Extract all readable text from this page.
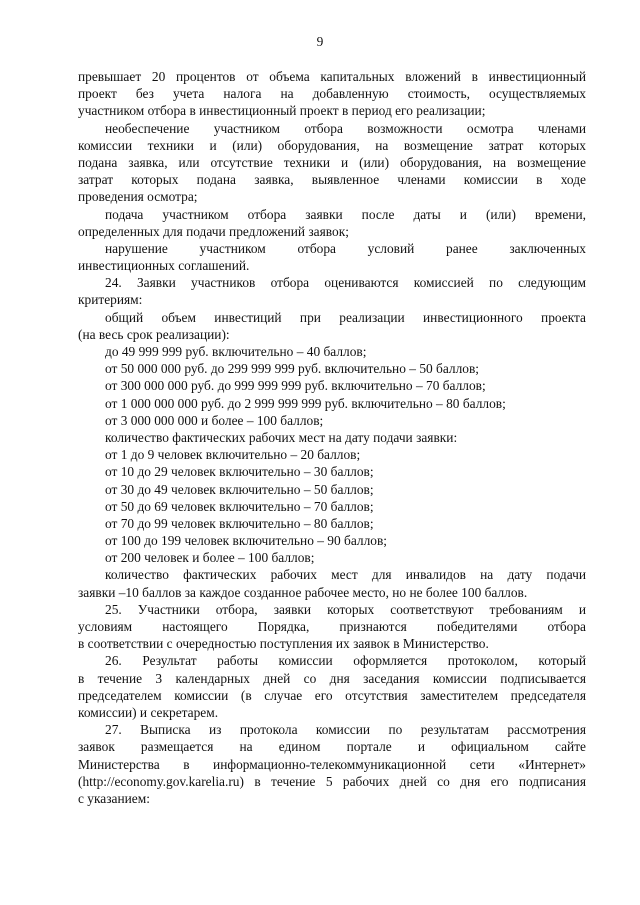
9
превышает 20 процентов от объема капитальных вложений в инвестиционный
проект без учета налога на добавленную стоимость, осуществляемых
участником отбора в инвестиционный проект в период его реализации;
необеспечение участником отбора возможности осмотра членами
комиссии техники и (или) оборудования, на возмещение затрат которых
подана заявка, или отсутствие техники и (или) оборудования, на возмещение
затрат которых подана заявка, выявленное членами комиссии в ходе
проведения осмотра;
подача участником отбора заявки после даты и (или) времени,
определенных для подачи предложений заявок;
нарушение участником отбора условий ранее заключенных
инвестиционных соглашений.
24. Заявки участников отбора оцениваются комиссией по следующим
критериям:
общий объем инвестиций при реализации инвестиционного проекта
(на весь срок реализации):
до 49 999 999 руб. включительно – 40 баллов;
от 50 000 000 руб. до 299 999 999 руб. включительно – 50 баллов;
от 300 000 000 руб. до 999 999 999 руб. включительно – 70 баллов;
от 1 000 000 000 руб. до 2 999 999 999 руб. включительно – 80 баллов;
от 3 000 000 000 и более – 100 баллов;
количество фактических рабочих мест на дату подачи заявки:
от 1 до 9 человек включительно – 20 баллов;
от 10 до 29 человек включительно – 30 баллов;
от 30 до 49 человек включительно – 50 баллов;
от 50 до 69 человек включительно – 70 баллов;
от 70 до 99 человек включительно – 80 баллов;
от 100 до 199 человек включительно – 90 баллов;
от 200 человек и более – 100 баллов;
количество фактических рабочих мест для инвалидов на дату подачи
заявки –10 баллов за каждое созданное рабочее место, но не более 100 баллов.
25. Участники отбора, заявки которых соответствуют требованиям и
условиям настоящего Порядка, признаются победителями отбора
в соответствии с очередностью поступления их заявок в Министерство.
26. Результат работы комиссии оформляется протоколом, который
в течение 3 календарных дней со дня заседания комиссии подписывается
председателем комиссии (в случае его отсутствия заместителем председателя
комиссии) и секретарем.
27. Выписка из протокола комиссии по результатам рассмотрения
заявок размещается на едином портале и официальном сайте
Министерства в информационно-телекоммуникационной сети «Интернет»
(http://economy.gov.karelia.ru) в течение 5 рабочих дней со дня его подписания
с указанием:
